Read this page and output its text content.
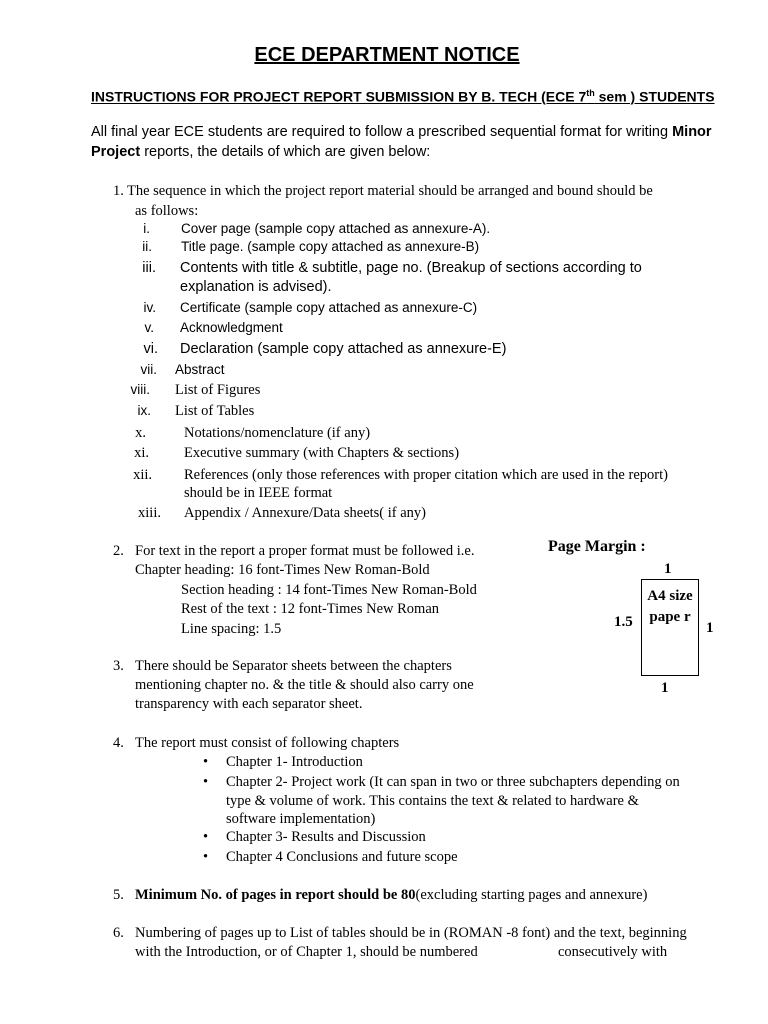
ECE DEPARTMENT NOTICE
INSTRUCTIONS FOR PROJECT REPORT SUBMISSION BY B. TECH (ECE 7th sem ) STUDENTS
All final year ECE students are required to follow a prescribed sequential format for writing Minor
Project reports, the details of which are given below:
1. The sequence in which the project report material should be arranged and bound should be
as follows:
i. Cover page (sample copy attached as annexure-A).
ii. Title page. (sample copy attached as annexure-B)
iii. Contents with title & subtitle, page no. (Breakup of sections according to
explanation is advised).
iv. Certificate (sample copy attached as annexure-C)
v. Acknowledgment
vi. Declaration (sample copy attached as annexure-E)
vii. Abstract
viii. List of Figures
ix. List of Tables
x.	Notations/nomenclature (if any)
xi. Executive summary (with Chapters & sections)
xii. References (only those references with proper citation which are used in the report)
should be in IEEE format
xiii. Appendix / Annexure/Data sheets( if any)
2. For text in the report a proper format must be followed i.e.
Chapter heading: 16 font-Times New Roman-Bold
Section heading : 14 font-Times New Roman-Bold
Rest of the text : 12 font-Times New Roman
Line spacing: 1.5
Page Margin :
1
1.5	1
1
A4 size pape r
3. There should be Separator sheets between the chapters
mentioning chapter no. & the title & should also carry one
transparency with each separator sheet.
4. The report must consist of following chapters
• Chapter 1- Introduction
• Chapter 2- Project work (It can span in two or three subchapters depending on
type & volume of work. This contains the text & related to hardware &
software implementation)
• Chapter 3- Results and Discussion
• Chapter 4 Conclusions and future scope
5. Minimum No. of pages in report should be 80(excluding starting pages and annexure)
6. Numbering of pages up to List of tables should be in (ROMAN -8 font) and the text, beginning
with the Introduction, or of Chapter 1, should be numbered	consecutively with
